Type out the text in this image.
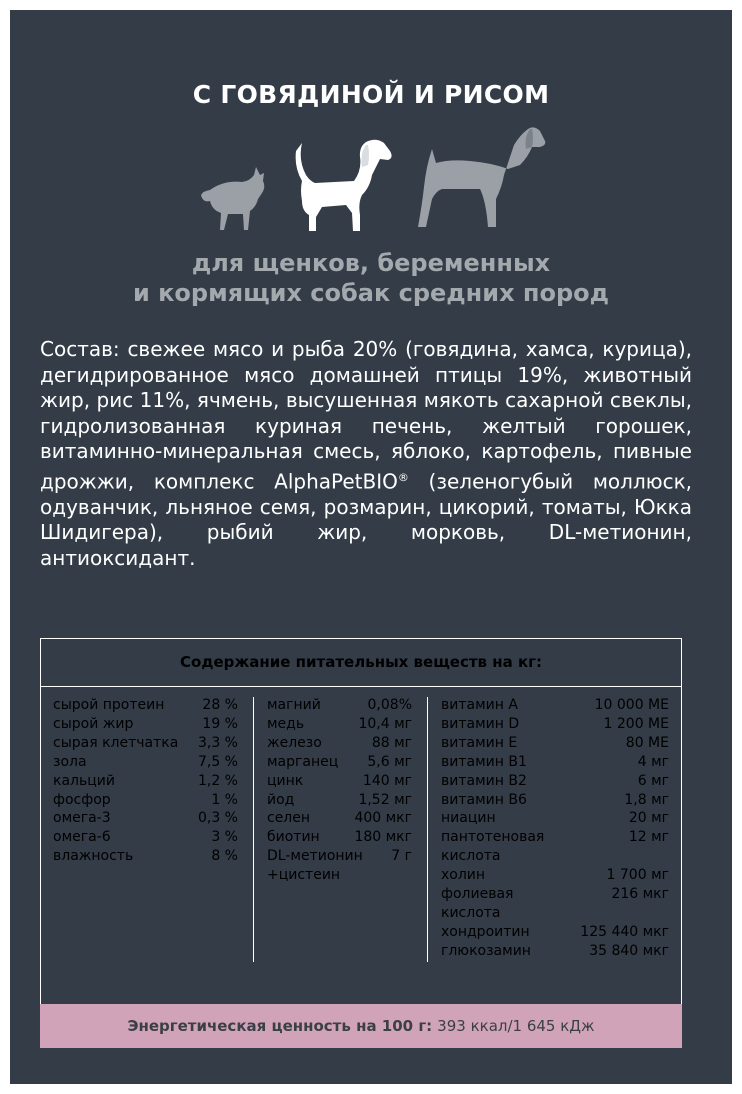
С ГОВЯДИНОЙ И РИСОМ
для щенков, беременных
и кормящих собак средних пород
Состав: свежее мясо и рыба 20% (говядина, хамса, курица), дегидрированное мясо домашней птицы 19%, животный жир, рис 11%, ячмень, высушенная мякоть сахарной свеклы, гидролизованная куриная печень, желтый горошек, витаминно-минеральная смесь, яблоко, картофель, пивные дрожжи, комплекс AlphaPetBIO® (зеленогубый моллюск, одуванчик, льняное семя, розмарин, цикорий, томаты, Юкка Шидигера), рыбий жир, морковь, DL-метионин, антиоксидант.
Содержание питательных веществ на кг:
сырой протеин	28 %
сырой жир	19 %
сырая клетчатка 3,3 %
зола	7,5 %
кальций	1,2 %
фосфор	1 %
омега-3	0,3 %
омега-6	3 %
влажность	8 %
магний	0,08%
медь	10,4 мг
железо	88 мг
марганец 5,6 мг
цинк	140 мг
йод	1,52 мг
селен	400 мкг
биотин 180 мкг
DL-метионин 7 г
+цистеин
витамин A	10 000 МЕ
витамин D	1 200 МЕ
витамин E	80 МЕ
витамин B1	4 мг
витамин B2	6 мг
витамин B6	1,8 мг
ниацин	20 мг
пантотеновая	12 мг
кислота
холин	1 700 мг
фолиевая	216 мкг
кислота
хондроитин	125 440 мкг
глюкозамин	35 840 мкг
Энергетическая ценность на 100 г: 393 ккал/1 645 кДж
